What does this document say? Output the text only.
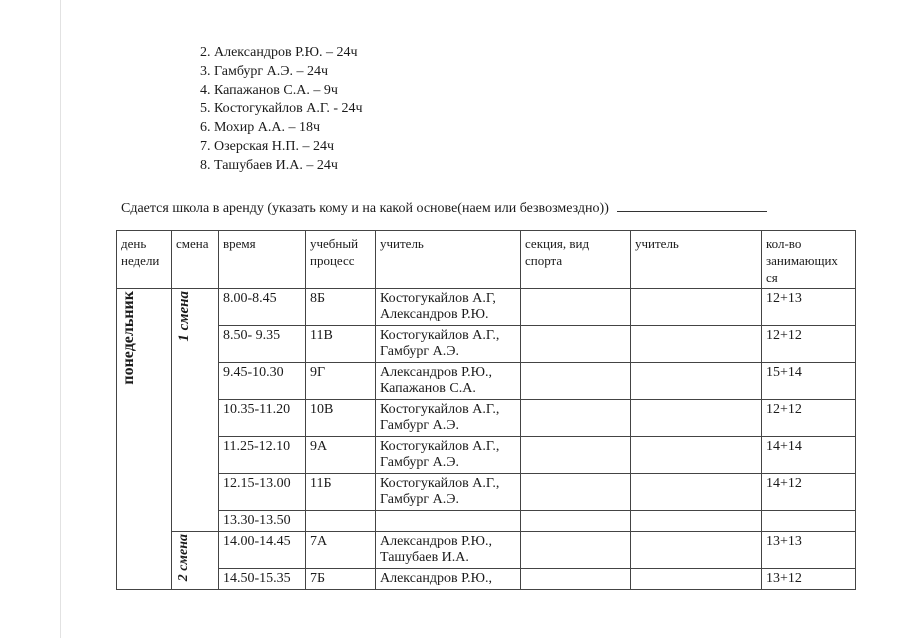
2. Александров Р.Ю. – 24ч
3. Гамбург А.Э. – 24ч
4. Капажанов С.А. – 9ч
5. Костогукайлов А.Г. - 24ч
6. Мохир А.А. – 18ч
7. Озерская Н.П. – 24ч
8. Ташубаев И.А. – 24ч
Сдается школа в аренду (указать кому и на какой основе(наем или безвозмездно))
день недели	смена	время	учебный процесс	учитель	секция, вид спорта	учитель	кол-во занимающих ся
понедельник	1 смена	8.00-8.45	8Б	Костогукайлов А.Г,
Александров Р.Ю.			12+13
		8.50- 9.35	11В	Костогукайлов А.Г.,
Гамбург А.Э.			12+12
		9.45-10.30	9Г	Александров Р.Ю.,
Капажанов С.А.			15+14
		10.35-11.20	10В	Костогукайлов А.Г.,
Гамбург А.Э.			12+12
		11.25-12.10	9А	Костогукайлов А.Г.,
Гамбург А.Э.			14+14
		12.15-13.00	11Б	Костогукайлов А.Г.,
Гамбург А.Э.			14+12
		13.30-13.50					
	2 смена	14.00-14.45	7А	Александров Р.Ю.,
Ташубаев И.А.			13+13
		14.50-15.35	7Б	Александров Р.Ю.,			13+12
